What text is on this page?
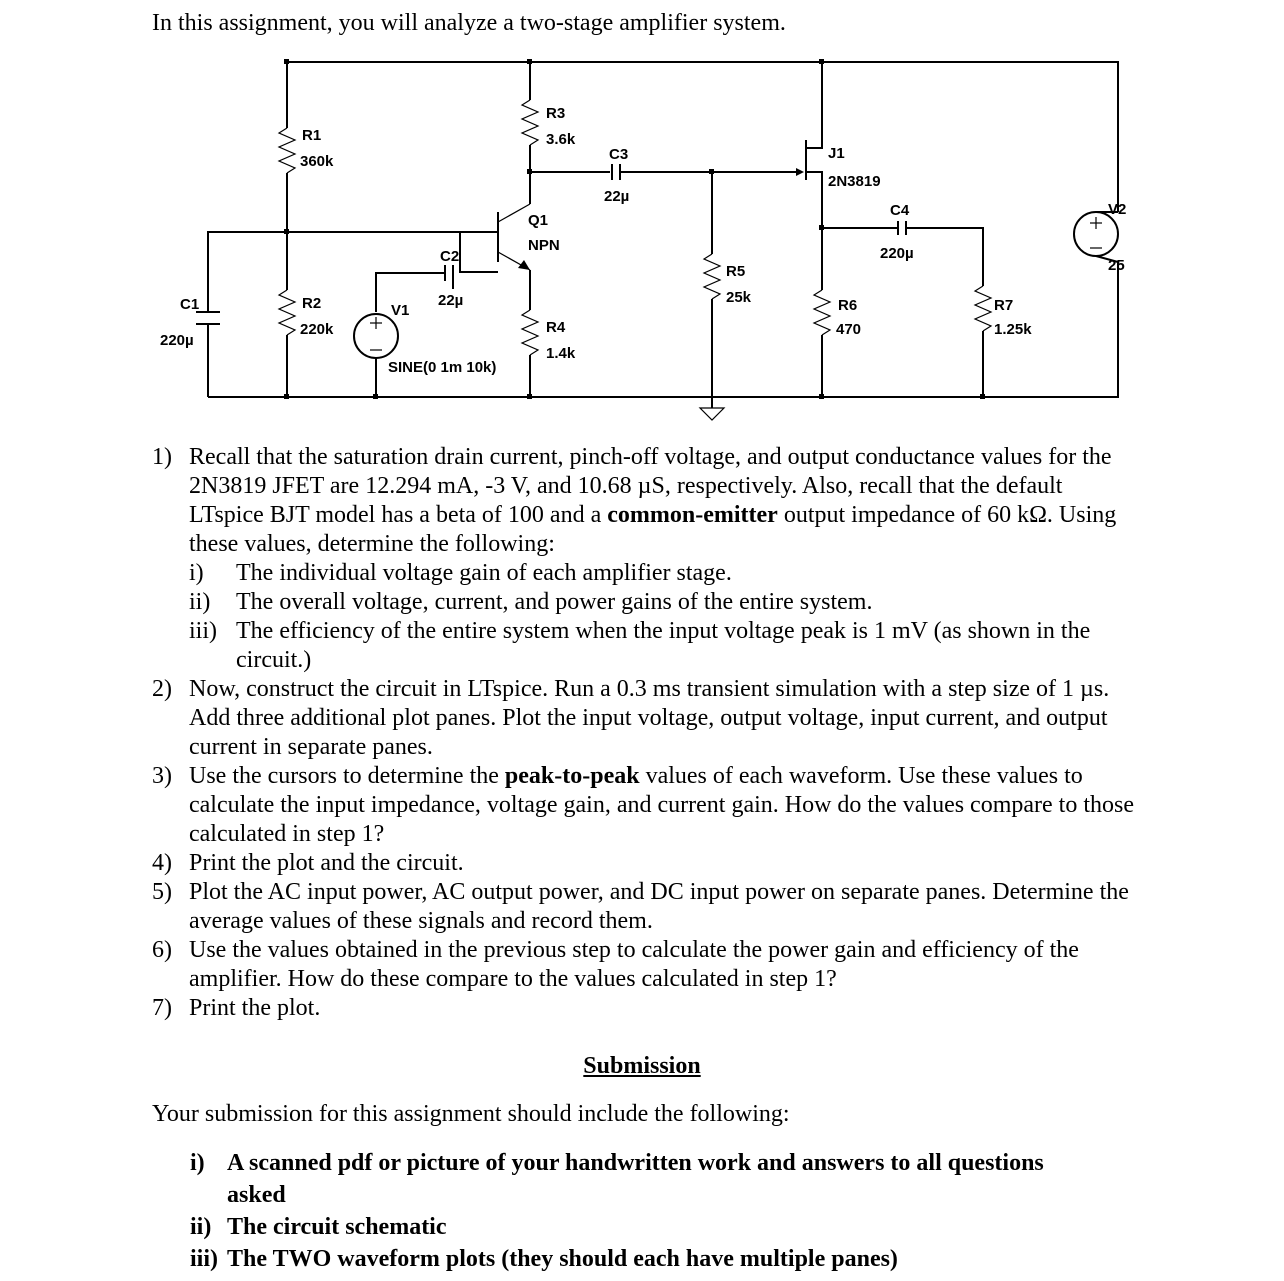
In this assignment, you will analyze a two-stage amplifier system.
R1
360k
R2
220k
R3
3.6k
R4
1.4k
R5
25k	R6
470
R7
1.25k
C1
220µ
C2
22µ
C3
22µ
C4
220µ
Q1
NPN
J1
2N3819
V1
SINE(0 1m 10k)
V2
25
1) Recall that the saturation drain current, pinch-off voltage, and output conductance values for the 2N3819 JFET are 12.294 mA, -3 V, and 10.68 µS, respectively. Also, recall that the default LTspice BJT model has a beta of 100 and a common-emitter output impedance of 60 kΩ. Using these values, determine the following:
i) The individual voltage gain of each amplifier stage.
ii) The overall voltage, current, and power gains of the entire system.
iii) The efficiency of the entire system when the input voltage peak is 1 mV (as shown in the circuit.)
2) Now, construct the circuit in LTspice. Run a 0.3 ms transient simulation with a step size of 1 µs. Add three additional plot panes. Plot the input voltage, output voltage, input current, and output current in separate panes.
3) Use the cursors to determine the peak-to-peak values of each waveform. Use these values to calculate the input impedance, voltage gain, and current gain. How do the values compare to those calculated in step 1?
4) Print the plot and the circuit.
5) Plot the AC input power, AC output power, and DC input power on separate panes. Determine the average values of these signals and record them.
6) Use the values obtained in the previous step to calculate the power gain and efficiency of the amplifier. How do these compare to the values calculated in step 1?
7) Print the plot.
Submission
Your submission for this assignment should include the following:
i) A scanned pdf or picture of your handwritten work and answers to all questions asked
ii) The circuit schematic
iii) The TWO waveform plots (they should each have multiple panes)
